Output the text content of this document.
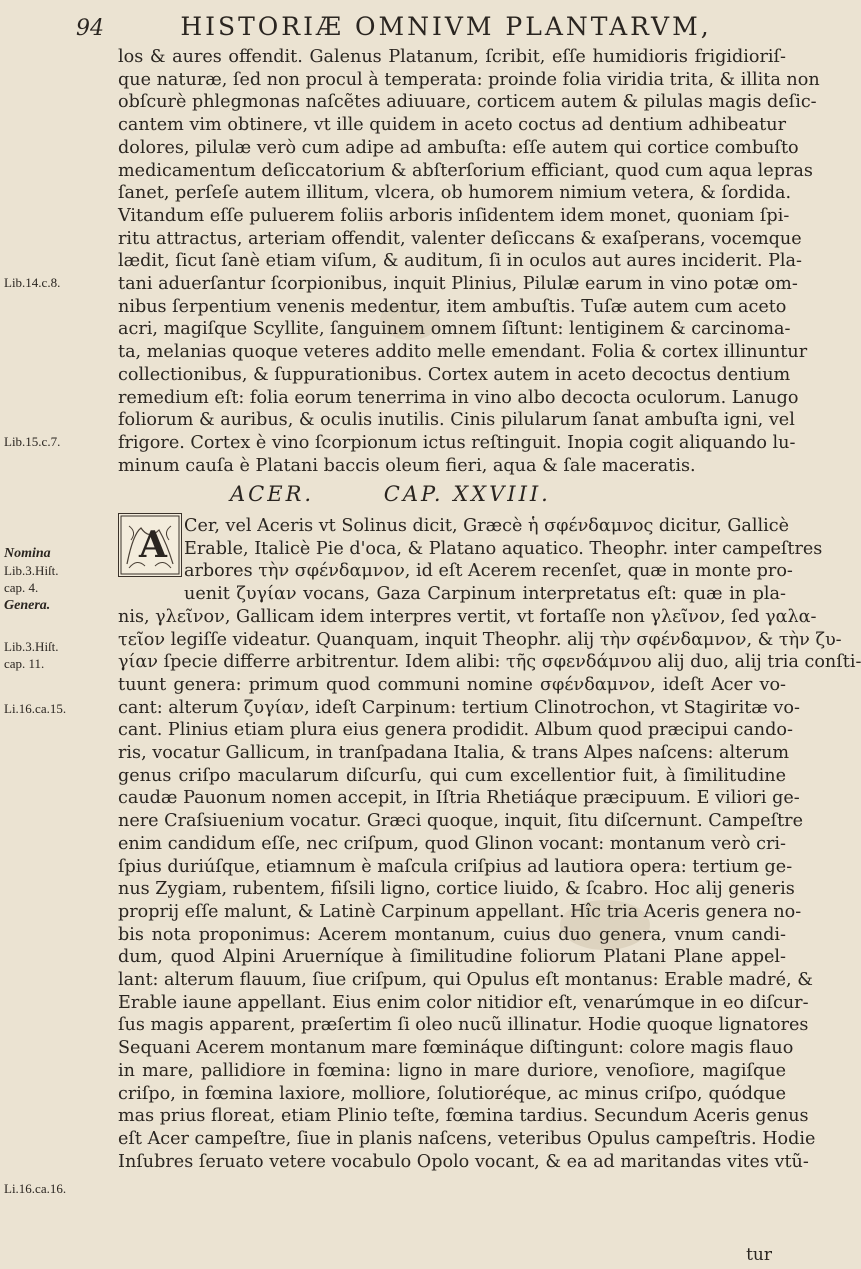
94	HISTORIÆ OMNIVM PLANTARVM,
los & aures offendit. Galenus Platanum, ſcribit, eſſe humidioris frigidioriſ-
que naturæ, ſed non procul à temperata: proinde folia viridia trita, & illita non
obſcurè phlegmonas naſcẽtes adiuuare, corticem autem & pilulas magis deſic-
cantem vim obtinere, vt ille quidem in aceto coctus ad dentium adhibeatur
dolores, pilulæ verò cum adipe ad ambuſta: eſſe autem qui cortice combuſto
medicamentum deſiccatorium & abſterſorium efficiant, quod cum aqua lepras
ſanet, perſeſe autem illitum, vlcera, ob humorem nimium vetera, & ſordida.
Vitandum eſſe puluerem foliis arboris inſidentem idem monet, quoniam ſpi-
ritu attractus, arteriam offendit, valenter deſiccans & exaſperans, vocemque
lædit, ſicut ſanè etiam viſum, & auditum, ſi in oculos aut aures inciderit. Pla-
tani aduerſantur ſcorpionibus, inquit Plinius, Pilulæ earum in vino potæ om-
nibus ſerpentium venenis medentur, item ambuſtis. Tuſæ autem cum aceto
acri, magiſque Scyllite, ſanguinem omnem ſiſtunt: lentiginem & carcinoma-
ta, melanias quoque veteres addito melle emendant. Folia & cortex illinuntur
collectionibus, & ſuppurationibus. Cortex autem in aceto decoctus dentium
remedium eſt: folia eorum tenerrima in vino albo decocta oculorum. Lanugo
foliorum & auribus, & oculis inutilis. Cinis pilularum ſanat ambuſta igni, vel
frigore. Cortex è vino ſcorpionum ictus reſtinguit. Inopia cogit aliquando lu-
minum cauſa è Platani baccis oleum fieri, aqua & ſale maceratis.
Lib.14.c.8.
Lib.15.c.7.
ACER.	CAP. XXVIII.
A Cer, vel Aceris vt Solinus dicit, Græcè ἡ σφένδαμνος dicitur, Gallicè
Erable, Italicè Pie d'oca, & Platano aquatico. Theophr. inter campeſtres
arbores τὴν σφένδαμνον, id eſt Acerem recenſet, quæ in monte pro-
uenit ζυγίαν vocans, Gaza Carpinum interpretatus eſt: quæ in pla-
nis, γλεῖνον, Gallicam idem interpres vertit, vt fortaſſe non γλεῖνον, ſed γαλα-
τεῖον legiſſe videatur. Quanquam, inquit Theophr. alij τὴν σφένδαμνον, & τὴν ζυ-
γίαν ſpecie differre arbitrentur. Idem alibi: τῆς σφενδάμνου alij duo, alij tria conſti-
tuunt genera: primum quod communi nomine σφένδαμνον, ideſt Acer vo-
cant: alterum ζυγίαν, ideſt Carpinum: tertium Clinotrochon, vt Stagiritæ vo-
cant. Plinius etiam plura eius genera prodidit. Album quod præcipui cando-
ris, vocatur Gallicum, in tranſpadana Italia, & trans Alpes naſcens: alterum
genus criſpo macularum diſcurſu, qui cum excellentior fuit, à ſimilitudine
caudæ Pauonum nomen accepit, in Iſtria Rhetiáque præcipuum. E viliori ge-
nere Craſsiuenium vocatur. Græci quoque, inquit, ſitu diſcernunt. Campeſtre
enim candidum eſſe, nec criſpum, quod Glinon vocant: montanum verò cri-
ſpius duriúſque, etiamnum è maſcula criſpius ad lautiora opera: tertium ge-
nus Zygiam, rubentem, fiſsili ligno, cortice liuido, & ſcabro. Hoc alij generis
proprij eſſe malunt, & Latinè Carpinum appellant. Hîc tria Aceris genera no-
bis nota proponimus: Acerem montanum, cuius duo genera, vnum candi-
dum, quod Alpini Aruerníque à ſimilitudine foliorum Platani Plane appel-
lant: alterum flauum, ſiue criſpum, qui Opulus eſt montanus: Erable madré, &
Erable iaune appellant. Eius enim color nitidior eſt, venarúmque in eo diſcur-
ſus magis apparent, præſertim ſi oleo nucũ illinatur. Hodie quoque lignatores
Sequani Acerem montanum mare fœmináque diſtingunt: colore magis flauo
in mare, pallidiore in fœmina: ligno in mare duriore, venoſiore, magiſque
criſpo, in fœmina laxiore, molliore, ſolutioréque, ac minus criſpo, quódque
mas prius floreat, etiam Plinio teſte, fœmina tardius. Secundum Aceris genus
eſt Acer campeſtre, ſiue in planis naſcens, veteribus Opulus campeſtris. Hodie
Inſubres ſeruato vetere vocabulo Opolo vocant, & ea ad maritandas vites vtũ-
Nomina
Lib.3.Hiſt.
cap. 4.
Genera.
Lib.3.Hiſt.
cap. 11.
Li.16.ca.15.
Li.16.ca.16.
tur
